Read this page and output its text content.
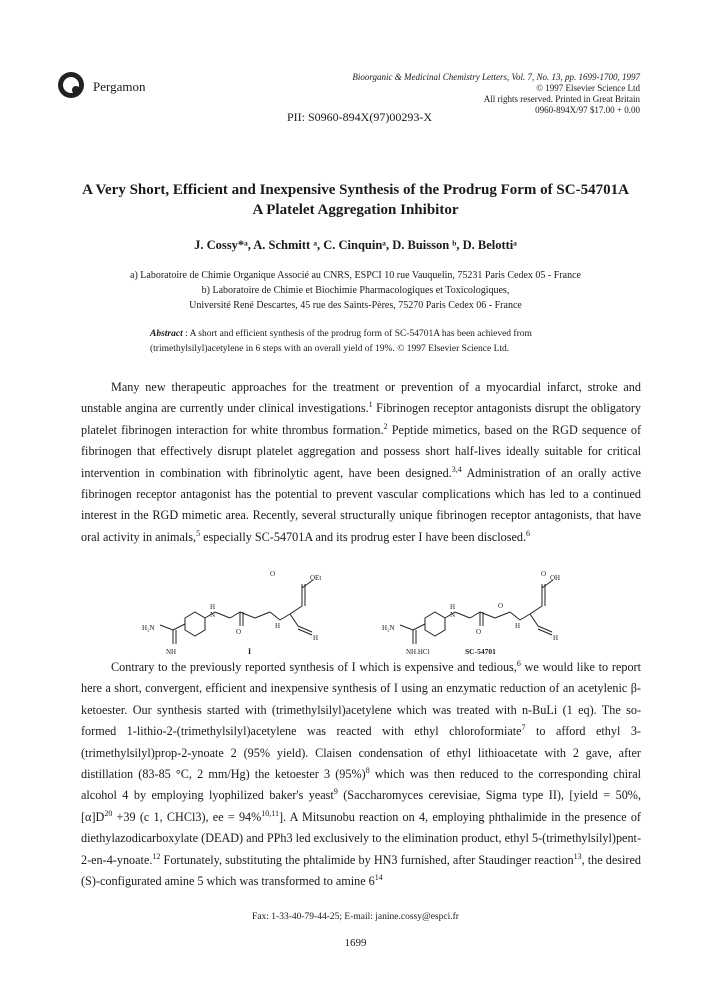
Pergamon
Bioorganic & Medicinal Chemistry Letters, Vol. 7, No. 13, pp. 1699-1700, 1997
© 1997 Elsevier Science Ltd
All rights reserved. Printed in Great Britain
0960-894X/97 $17.00 + 0.00
PII: S0960-894X(97)00293-X
A Very Short, Efficient and Inexpensive Synthesis of the Prodrug Form of SC-54701A
A Platelet Aggregation Inhibitor
J. Cossy*ᵃ, A. Schmitt ᵃ, C. Cinquinᵃ, D. Buisson ᵇ, D. Belottiᵃ
a) Laboratoire de Chimie Organique Associé au CNRS, ESPCI 10 rue Vauquelin, 75231 Paris Cedex 05 - France
b) Laboratoire de Chimie et Biochimie Pharmacologiques et Toxicologiques,
Université René Descartes, 45 rue des Saints-Pères, 75270 Paris Cedex 06 - France
Abstract : A short and efficient synthesis of the prodrug form of SC-54701A has been achieved from (trimethylsilyl)acetylene in 6 steps with an overall yield of 19%. © 1997 Elsevier Science Ltd.
Many new therapeutic approaches for the treatment or prevention of a myocardial infarct, stroke and unstable angina are currently under clinical investigations.$^1$ Fibrinogen receptor antagonists disrupt the obligatory platelet fibrinogen interaction for white thrombus formation.$^2$ Peptide mimetics, based on the RGD sequence of fibrinogen that effectively disrupt platelet aggregation and possess short half-lives ideally suitable for critical intervention in combination with fibrinolytic agent, have been designed.$^{3,4}$ Administration of an orally active fibrinogen receptor antagonist has the potential to prevent vascular complications which has led to a continued interest in the RGD mimetic area. Recently, several structurally unique fibrinogen receptor antagonists, that have oral activity in animals,$^5$ especially SC-54701A and its prodrug ester I have been disclosed.$^6$
O	OEt
H
N
O
H
H
H₂N
NH	I
O OH
H
N
O
O
H
H
H₂N
NH.HCl	SC-54701
Contrary to the previously reported synthesis of I which is expensive and tedious,$^6$ we would like to report here a short, convergent, efficient and inexpensive synthesis of I using an enzymatic reduction of an acetylenic β-ketoester. Our synthesis started with (trimethylsilyl)acetylene which was treated with n-BuLi (1 eq). The so-formed 1-lithio-2-(trimethylsilyl)acetylene was reacted with ethyl chloroformiate$^7$ to afford ethyl 3-(trimethylsilyl)prop-2-ynoate 2 (95% yield). Claisen condensation of ethyl lithioacetate with 2 gave, after distillation (83-85 °C, 2 mm/Hg) the ketoester 3 $(95\%)^8$ which was then reduced to the corresponding chiral alcohol 4 by employing lyophilized baker's yeast$^9$ (Saccharomyces cerevisiae, Sigma type II), [yield = 50%, $[\alpha]D^{20} +39$ (c 1, CHCl3), ee = 94%$^{10,11}$]. A Mitsunobu reaction on 4, employing phthalimide in the presence of diethylazodicarboxylate (DEAD) and PPh3 led exclusively to the elimination product, ethyl 5-(trimethylsilyl)pent-2-en-4-ynoate.$^{12}$ Fortunately, substituting the phtalimide by HN3 furnished, after Staudinger reaction$^{13}$, the desired (S)-configurated amine 5 which was transformed to amine $6^{14}$
Fax: 1-33-40-79-44-25; E-mail: janine.cossy@espci.fr
1699
